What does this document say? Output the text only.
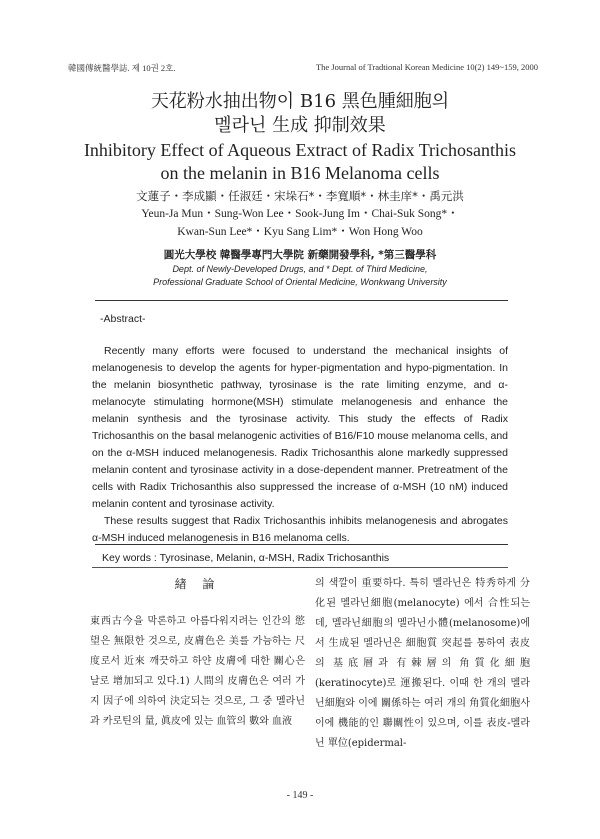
韓國傳統醫學誌. 제 10권 2호.	The Journal of Tradtional Korean Medicine 10(2) 149~159, 2000
天花粉水抽出物이 B16 黑色腫細胞의
멜라닌 生成 抑制效果
Inhibitory Effect of Aqueous Extract of Radix Trichosanthis
on the melanin in B16 Melanoma cells
文蓮子・李成顯・任淑廷・宋垛石*・李寬順*・林圭庠*・禹元洪
Yeun-Ja Mun・Sung-Won Lee・Sook-Jung Im・Chai-Suk Song*・
Kwan-Sun Lee*・Kyu Sang Lim*・Won Hong Woo
圓光大學校 韓醫學專門大學院 新藥開發學科, *第三醫學科
Dept. of Newly-Developed Drugs, and * Dept. of Third Medicine,
Professional Graduate School of Oriental Medicine, Wonkwang University
-Abstract-

Recently many efforts were focused to understand the mechanical insights of melanogenesis to develop the agents for hyper-pigmentation and hypo-pigmentation. In the melanin biosynthetic pathway, tyrosinase is the rate limiting enzyme, and α-melanocyte stimulating hormone(MSH) stimulate melanogenesis and enhance the melanin synthesis and the tyrosinase activity. This study the effects of Radix Trichosanthis on the basal melanogenic activities of B16/F10 mouse melanoma cells, and on the α-MSH induced melanogenesis. Radix Trichosanthis alone markedly suppressed melanin content and tyrosinase activity in a dose-dependent manner. Pretreatment of the cells with Radix Trichosanthis also suppressed the increase of α-MSH (10 nM) induced melanin content and tyrosinase activity.

These results suggest that Radix Trichosanthis inhibits melanogenesis and abrogates α-MSH induced melanogenesis in B16 melanoma cells.

Key words : Tyrosinase, Melanin, α-MSH, Radix Trichosanthis
緖 論

東西古今을 막론하고 아름다워지려는 인간의 慾望은 無限한 것으로, 皮膚色은 美를 가늠하는 尺度로서 近來 깨끗하고 하얀 皮膚에 대한 關心은 날로 增加되고 있다.1) 人間의 皮膚色은 여러 가지 因子에 의하여 決定되는 것으로, 그 중 멜라닌과 카로틴의 量, 眞皮에 있는 血管의 數와 血液

의 색깔이 重要하다. 특히 멜라닌은 特秀하게 分化된 멜라닌細胞(melanocyte) 에서 合性되는데, 멜라닌細胞의 멜라닌小體(melanosome)에서 生成된 멜라닌은 細胞質 突起를 통하여 表皮의 基底層과 有棘層의 角質化細胞(keratinocyte)로 運搬된다. 이때 한 개의 멜라닌細胞와 이에 關係하는 여러 개의 角質化細胞사이에 機能的인 聯關性이 있으며, 이를 表皮-멜라닌 單位(epidermal-

- 149 -
